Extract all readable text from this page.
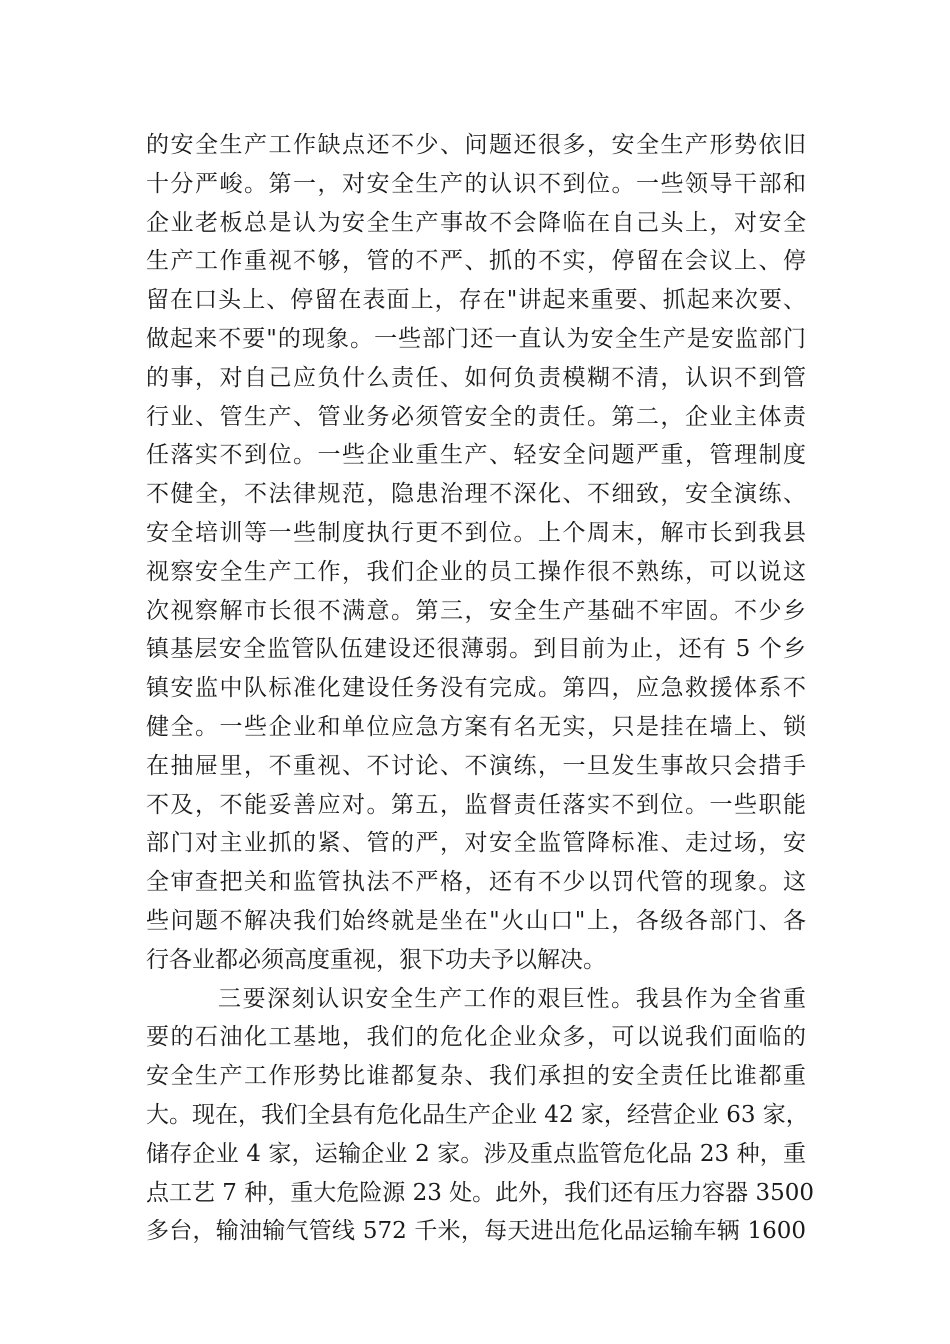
的安全生产工作缺点还不少、问题还很多，安全生产形势依旧
十分严峻。第一，对安全生产的认识不到位。一些领导干部和
企业老板总是认为安全生产事故不会降临在自己头上，对安全
生产工作重视不够，管的不严、抓的不实，停留在会议上、停
留在口头上、停留在表面上，存在"讲起来重要、抓起来次要、
做起来不要"的现象。一些部门还一直认为安全生产是安监部门
的事，对自己应负什么责任、如何负责模糊不清，认识不到管
行业、管生产、管业务必须管安全的责任。第二，企业主体责
任落实不到位。一些企业重生产、轻安全问题严重，管理制度
不健全，不法律规范，隐患治理不深化、不细致，安全演练、
安全培训等一些制度执行更不到位。上个周末，解市长到我县
视察安全生产工作，我们企业的员工操作很不熟练，可以说这
次视察解市长很不满意。第三，安全生产基础不牢固。不少乡
镇基层安全监管队伍建设还很薄弱。到目前为止，还有 5 个乡
镇安监中队标准化建设任务没有完成。第四，应急救援体系不
健全。一些企业和单位应急方案有名无实，只是挂在墙上、锁
在抽屉里，不重视、不讨论、不演练，一旦发生事故只会措手
不及，不能妥善应对。第五，监督责任落实不到位。一些职能
部门对主业抓的紧、管的严，对安全监管降标准、走过场，安
全审查把关和监管执法不严格，还有不少以罚代管的现象。这
些问题不解决我们始终就是坐在"火山口"上，各级各部门、各
行各业都必须高度重视，狠下功夫予以解决。
三要深刻认识安全生产工作的艰巨性。我县作为全省重
要的石油化工基地，我们的危化企业众多，可以说我们面临的
安全生产工作形势比谁都复杂、我们承担的安全责任比谁都重
大。现在，我们全县有危化品生产企业 42 家，经营企业 63 家，
储存企业 4 家，运输企业 2 家。涉及重点监管危化品 23 种，重
点工艺 7 种，重大危险源 23 处。此外，我们还有压力容器 3500
多台，输油输气管线 572 千米，每天进出危化品运输车辆 1600
